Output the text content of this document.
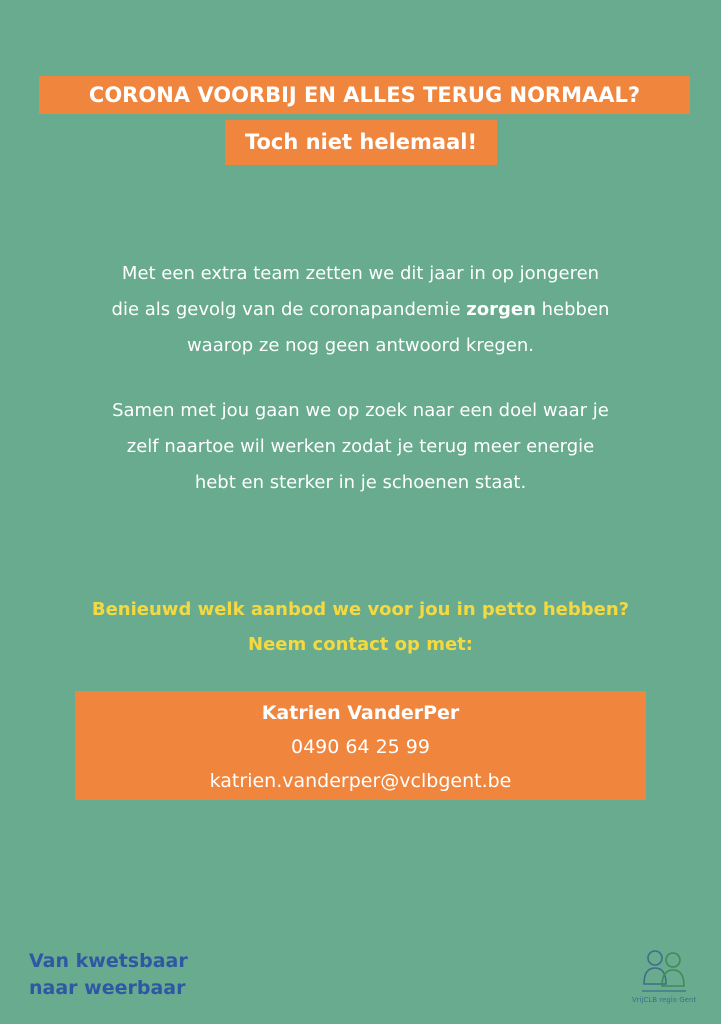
CORONA VOORBIJ EN ALLES TERUG NORMAAL?
Toch niet helemaal!
Met een extra team zetten we dit jaar in op jongeren
die als gevolg van de coronapandemie zorgen hebben
waarop ze nog geen antwoord kregen.
Samen met jou gaan we op zoek naar een doel waar je
zelf naartoe wil werken zodat je terug meer energie
hebt en sterker in je schoenen staat.
Benieuwd welk aanbod we voor jou in petto hebben?
Neem contact op met:
Katrien VanderPer
0490 64 25 99
katrien.vanderper@vclbgent.be
Van kwetsbaar
naar weerbaar
VrijCLB regio Gent
